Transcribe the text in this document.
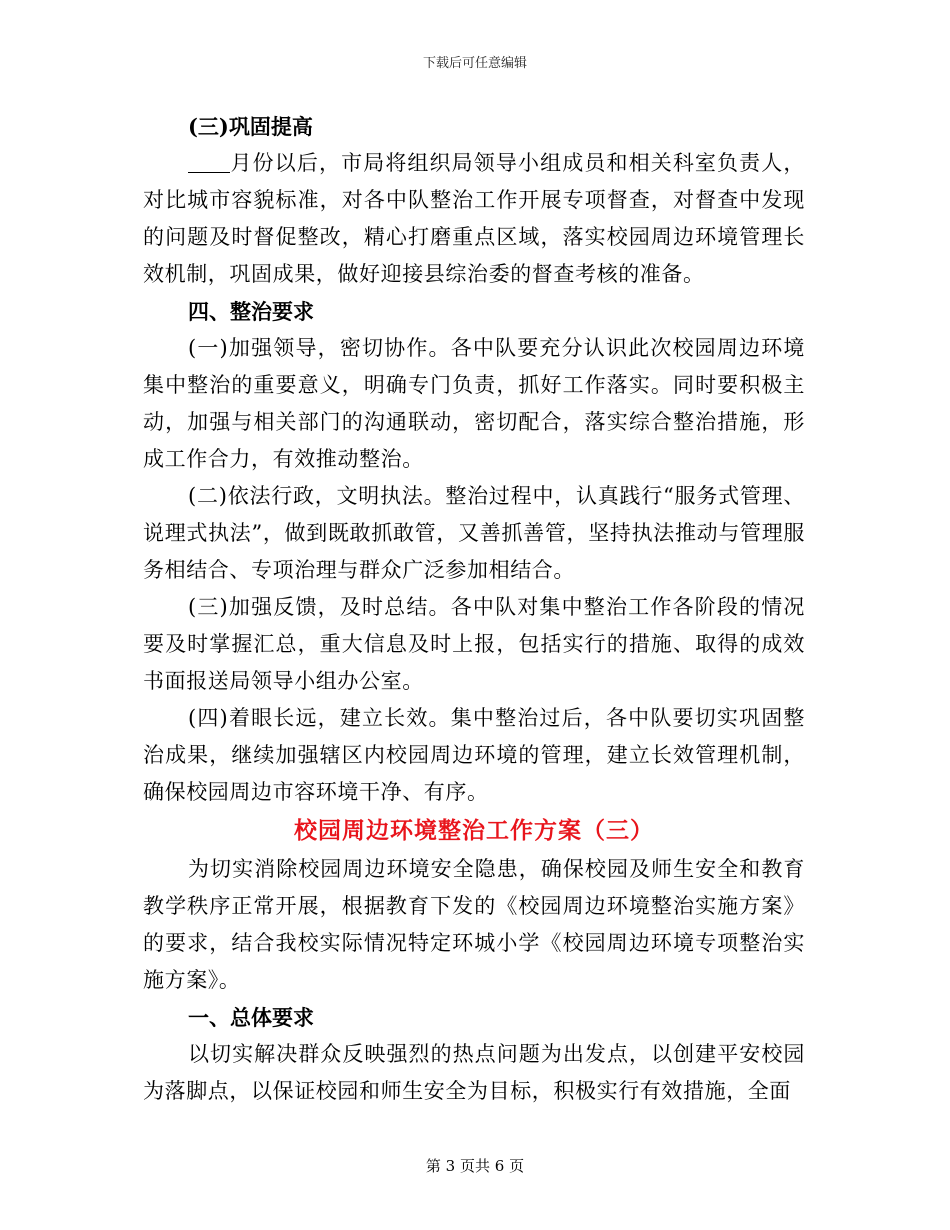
下载后可任意编辑
(三)巩固提高

月份以后，市局将组织局领导小组成员和相关科室负责人，对比城市容貌标准，对各中队整治工作开展专项督查，对督查中发现的问题及时督促整改，精心打磨重点区域，落实校园周边环境管理长效机制，巩固成果，做好迎接县综治委的督查考核的准备。

四、整治要求

(一)加强领导，密切协作。各中队要充分认识此次校园周边环境集中整治的重要意义，明确专门负责，抓好工作落实。同时要积极主动，加强与相关部门的沟通联动，密切配合，落实综合整治措施，形成工作合力，有效推动整治。

(二)依法行政，文明执法。整治过程中，认真践行“服务式管理、说理式执法”，做到既敢抓敢管，又善抓善管，坚持执法推动与管理服务相结合、专项治理与群众广泛参加相结合。

(三)加强反馈，及时总结。各中队对集中整治工作各阶段的情况要及时掌握汇总，重大信息及时上报，包括实行的措施、取得的成效书面报送局领导小组办公室。

(四)着眼长远，建立长效。集中整治过后，各中队要切实巩固整治成果，继续加强辖区内校园周边环境的管理，建立长效管理机制，确保校园周边市容环境干净、有序。

校园周边环境整治工作方案（三）

为切实消除校园周边环境安全隐患，确保校园及师生安全和教育教学秩序正常开展，根据教育下发的《校园周边环境整治实施方案》的要求，结合我校实际情况特定环城小学《校园周边环境专项整治实施方案》。

一、总体要求

以切实解决群众反映强烈的热点问题为出发点，以创建平安校园为落脚点，以保证校园和师生安全为目标，积极实行有效措施，全面

第 3 页共 6 页
